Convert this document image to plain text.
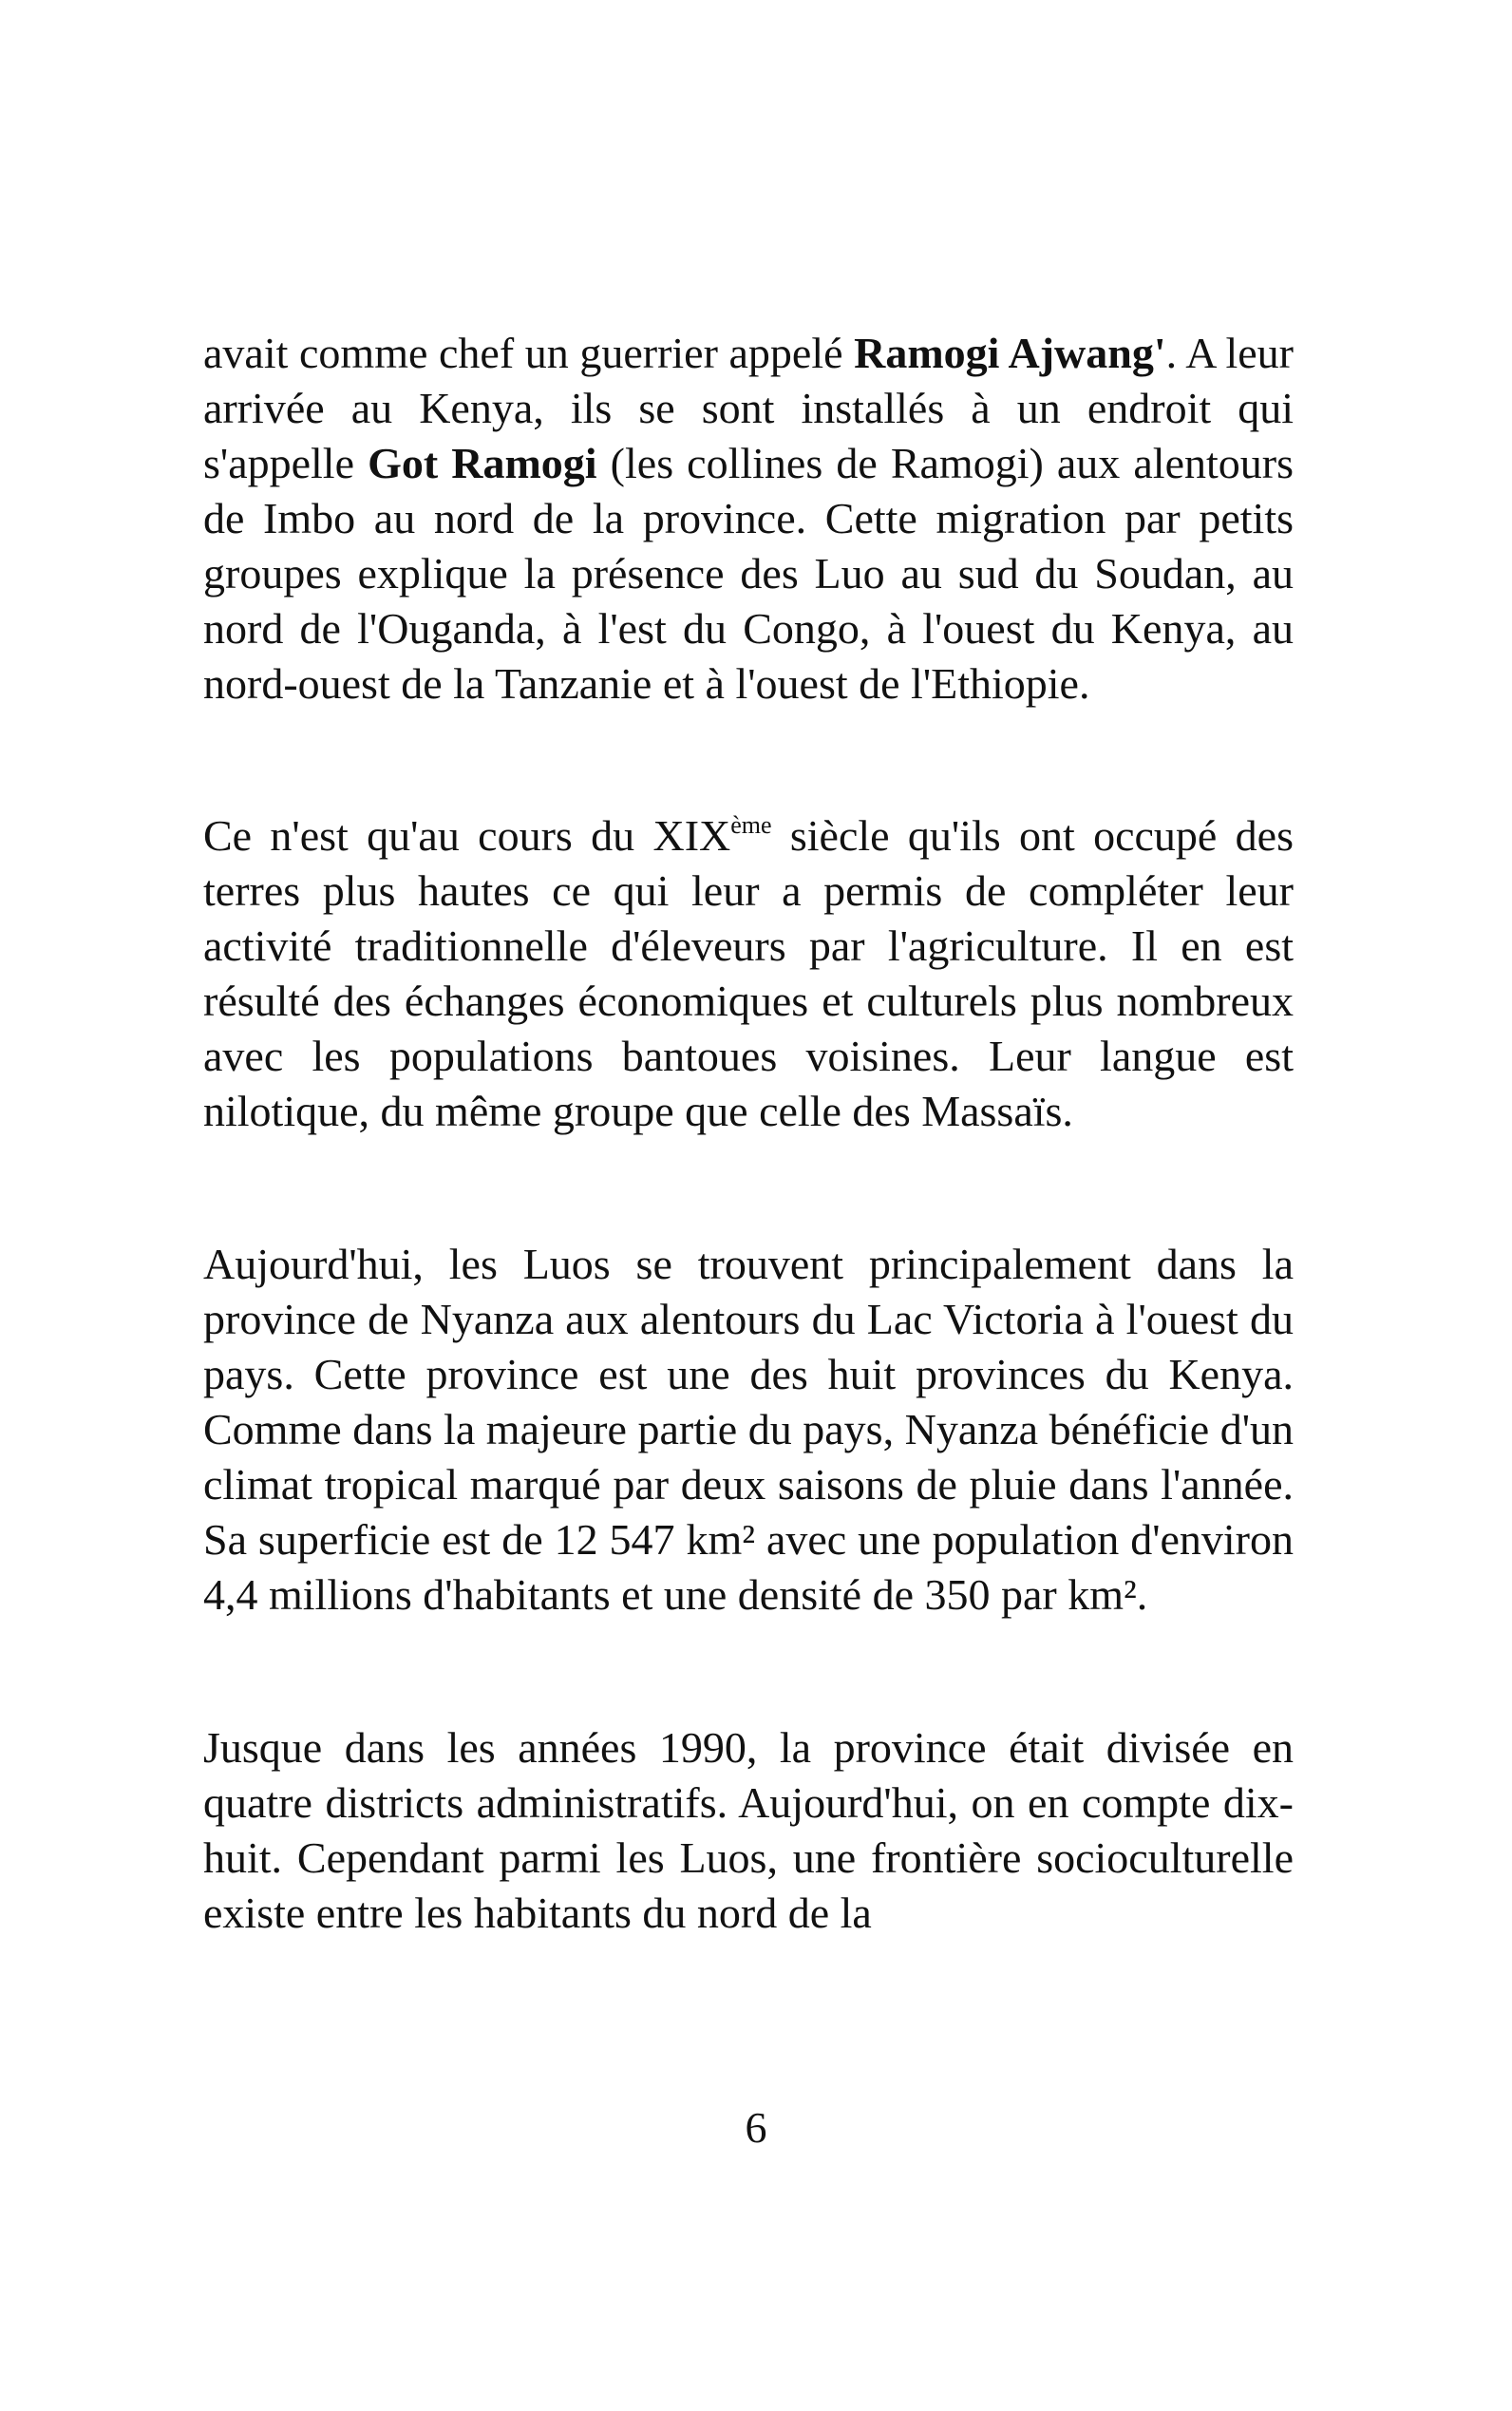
avait comme chef un guerrier appelé Ramogi Ajwang'. A leur arrivée au Kenya, ils se sont installés à un endroit qui s'appelle Got Ramogi (les collines de Ramogi) aux alentours de Imbo au nord de la province. Cette migration par petits groupes explique la présence des Luo au sud du Soudan, au nord de l'Ouganda, à l'est du Congo, à l'ouest du Kenya, au nord-ouest de la Tanzanie et à l'ouest de l'Ethiopie.

Ce n'est qu'au cours du XIXème siècle qu'ils ont occupé des terres plus hautes ce qui leur a permis de compléter leur activité traditionnelle d'éleveurs par l'agriculture. Il en est résulté des échanges économiques et culturels plus nombreux avec les populations bantoues voisines. Leur langue est nilotique, du même groupe que celle des Massaïs.

Aujourd'hui, les Luos se trouvent principalement dans la province de Nyanza aux alentours du Lac Victoria à l'ouest du pays. Cette province est une des huit provinces du Kenya. Comme dans la majeure partie du pays, Nyanza bénéficie d'un climat tropical marqué par deux saisons de pluie dans l'année. Sa superficie est de 12 547 km² avec une population d'environ 4,4 millions d'habitants et une densité de 350 par km².

Jusque dans les années 1990, la province était divisée en quatre districts administratifs. Aujourd'hui, on en compte dix-huit. Cependant parmi les Luos, une frontière socioculturelle existe entre les habitants du nord de la

6
